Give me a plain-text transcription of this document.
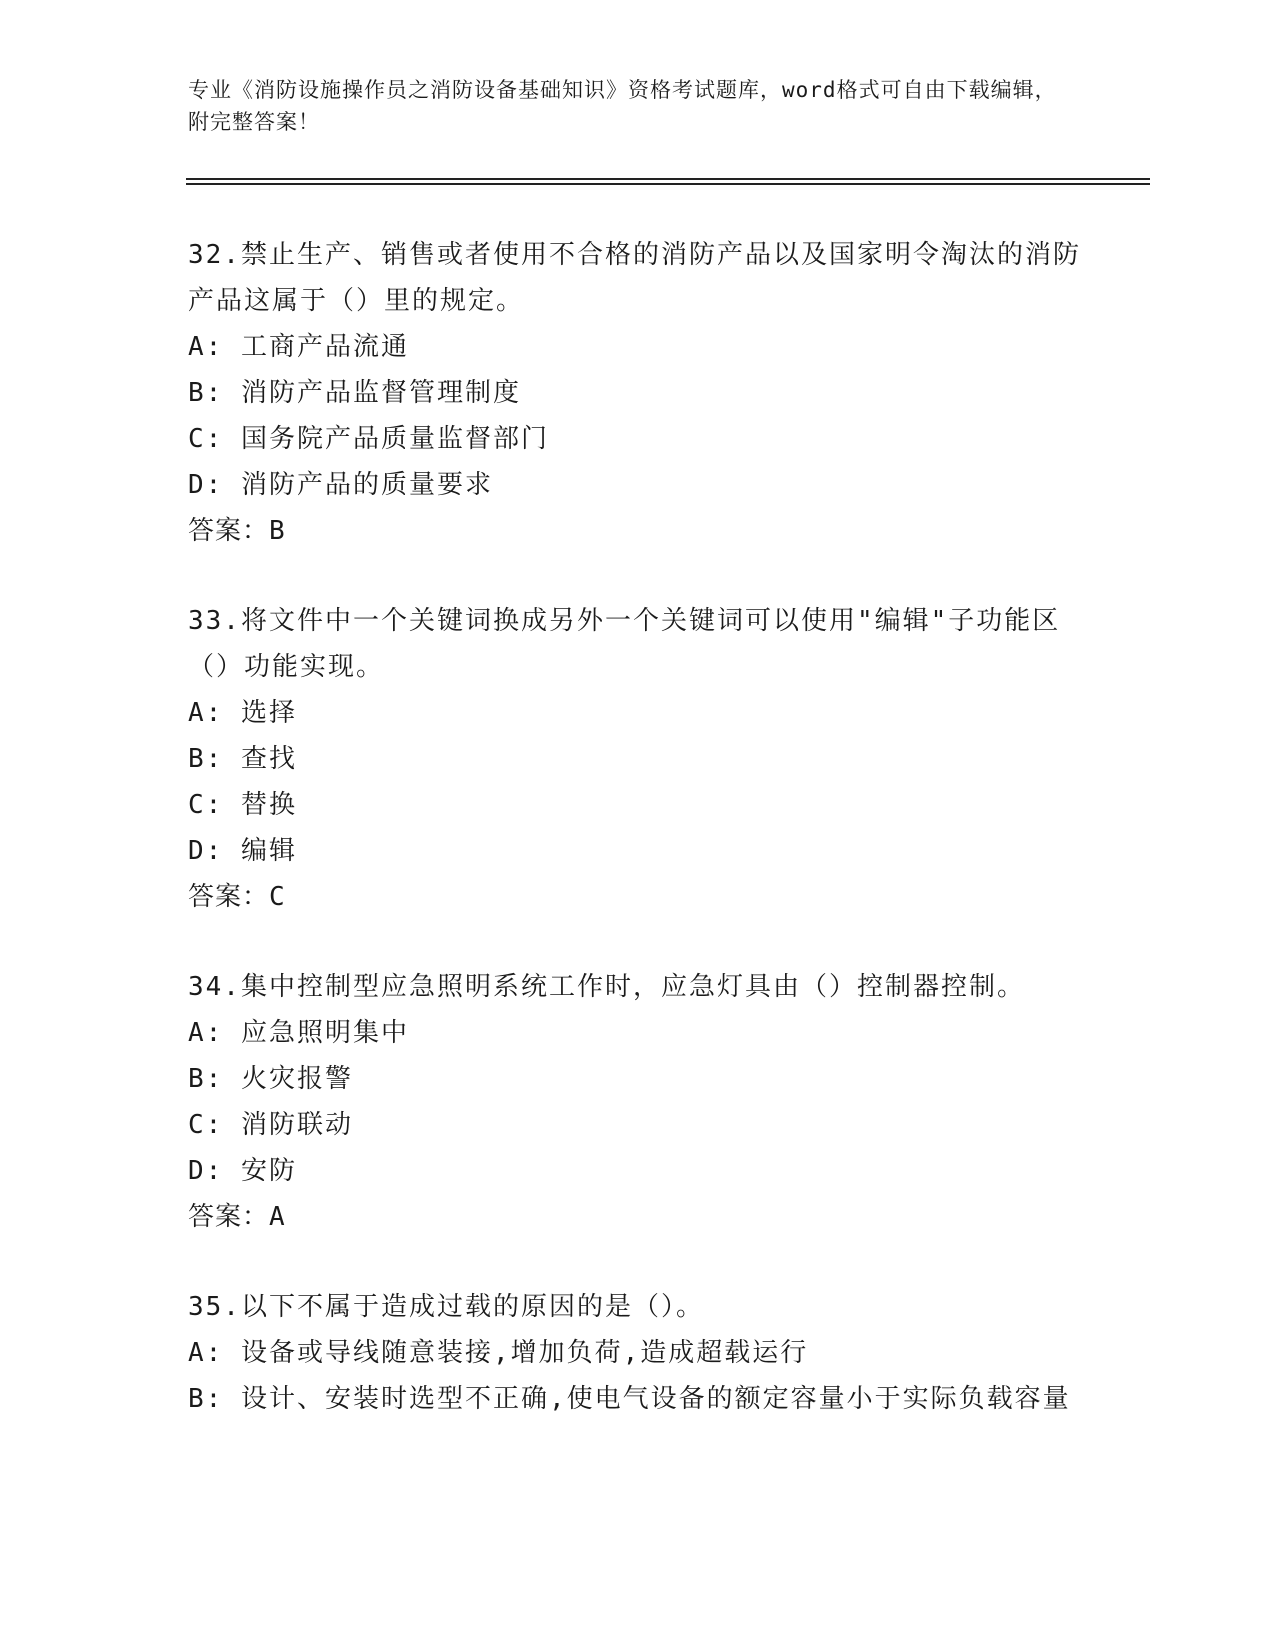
专业《消防设施操作员之消防设备基础知识》资格考试题库，word格式可自由下载编辑，附完整答案！
32.禁止生产、销售或者使用不合格的消防产品以及国家明令淘汰的消防产品这属于（）里的规定。
A: 工商产品流通
B: 消防产品监督管理制度
C: 国务院产品质量监督部门
D: 消防产品的质量要求
答案：B
33.将文件中一个关键词换成另外一个关键词可以使用"编辑"子功能区（）功能实现。
A: 选择
B: 查找
C: 替换
D: 编辑
答案：C
34.集中控制型应急照明系统工作时，应急灯具由（）控制器控制。
A: 应急照明集中
B: 火灾报警
C: 消防联动
D: 安防
答案：A
35.以下不属于造成过载的原因的是（）。
A: 设备或导线随意装接,增加负荷,造成超载运行
B: 设计、安装时选型不正确,使电气设备的额定容量小于实际负载容量
